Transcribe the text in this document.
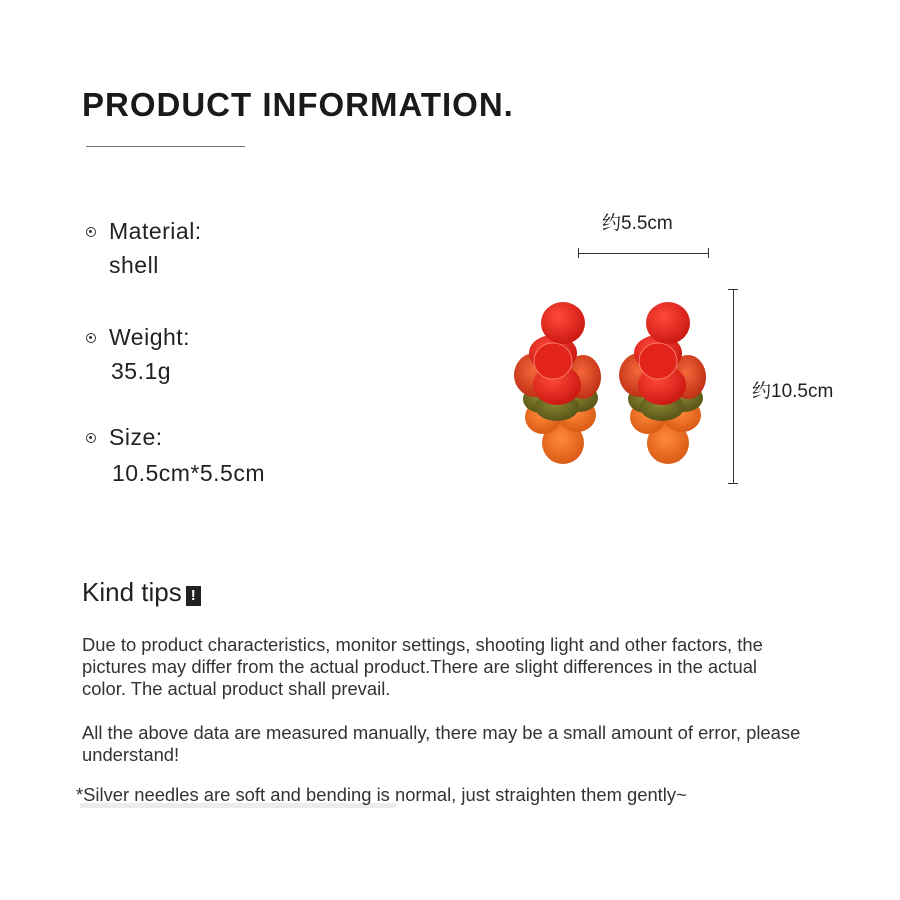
PRODUCT INFORMATION.
Material:
shell
Weight:
35.1g
Size:
10.5cm*5.5cm
约5.5cm
约10.5cm
Kind tips !
Due to product characteristics, monitor settings, shooting light and other factors, the pictures may differ from the actual product.There are slight differences in the actual color. The actual product shall prevail.
All the above data are measured manually, there may be a small amount of error, please understand!
*Silver needles are soft and bending is normal, just straighten them gently~
